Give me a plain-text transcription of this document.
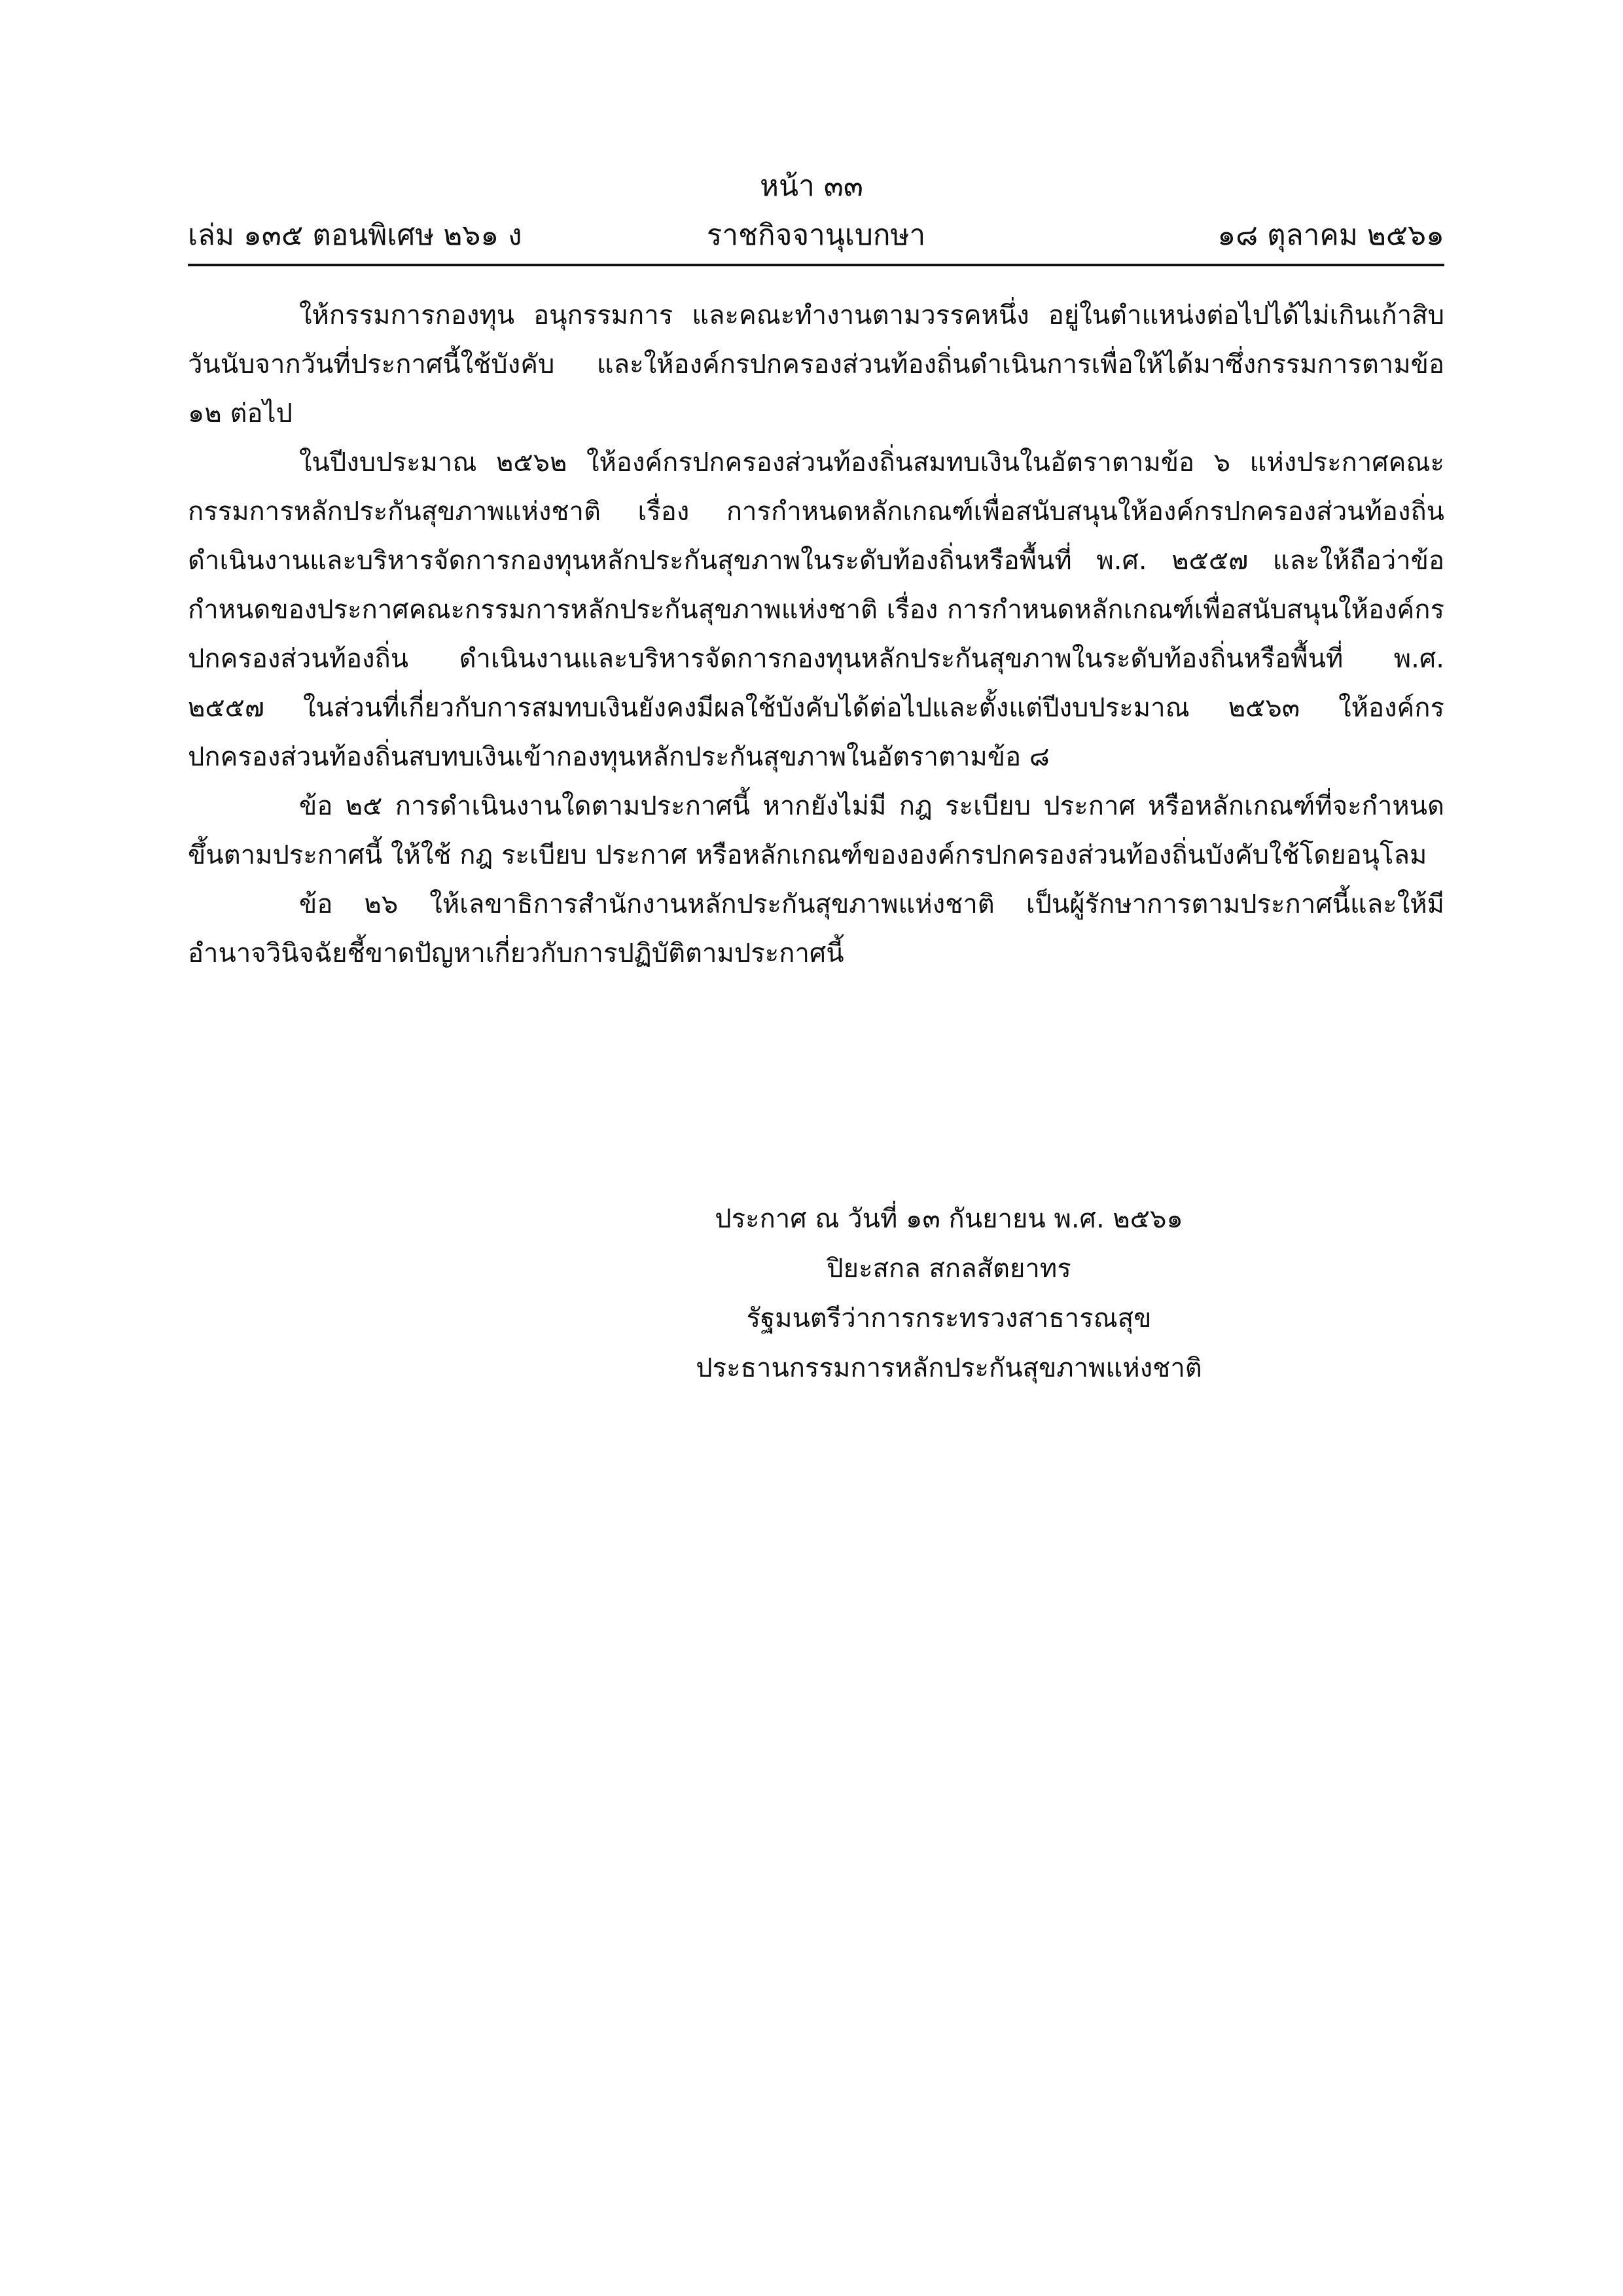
หน้า ๓๓
ราชกิจจานุเบกษา
เล่ม ๑๓๕ ตอนพิเศษ ๒๖๑ ง	๑๘ ตุลาคม ๒๕๖๑

ให้กรรมการกองทุน อนุกรรมการ และคณะทำงานตามวรรคหนึ่ง อยู่ในตำแหน่งต่อไปได้ไม่เกินเก้าสิบวันนับจากวันที่ประกาศนี้ใช้บังคับ และให้องค์กรปกครองส่วนท้องถิ่นดำเนินการเพื่อให้ได้มาซึ่งกรรมการตามข้อ ๑๒ ต่อไป

ในปีงบประมาณ ๒๕๖๒ ให้องค์กรปกครองส่วนท้องถิ่นสมทบเงินในอัตราตามข้อ ๖ แห่งประกาศคณะกรรมการหลักประกันสุขภาพแห่งชาติ เรื่อง การกำหนดหลักเกณฑ์เพื่อสนับสนุนให้องค์กรปกครองส่วนท้องถิ่น ดำเนินงานและบริหารจัดการกองทุนหลักประกันสุขภาพในระดับท้องถิ่นหรือพื้นที่ พ.ศ. ๒๕๕๗ และให้ถือว่าข้อกำหนดของประกาศคณะกรรมการหลักประกันสุขภาพแห่งชาติ เรื่อง การกำหนดหลักเกณฑ์เพื่อสนับสนุนให้องค์กรปกครองส่วนท้องถิ่น ดำเนินงานและบริหารจัดการกองทุนหลักประกันสุขภาพในระดับท้องถิ่นหรือพื้นที่ พ.ศ. ๒๕๕๗ ในส่วนที่เกี่ยวกับการสมทบเงินยังคงมีผลใช้บังคับได้ต่อไปและตั้งแต่ปีงบประมาณ ๒๕๖๓ ให้องค์กรปกครองส่วนท้องถิ่นสบทบเงินเข้ากองทุนหลักประกันสุขภาพในอัตราตามข้อ ๘

ข้อ ๒๕ การดำเนินงานใดตามประกาศนี้ หากยังไม่มี กฎ ระเบียบ ประกาศ หรือหลักเกณฑ์ที่จะกำหนดขึ้นตามประกาศนี้ ให้ใช้ กฎ ระเบียบ ประกาศ หรือหลักเกณฑ์ขององค์กรปกครองส่วนท้องถิ่นบังคับใช้โดยอนุโลม

ข้อ ๒๖ ให้เลขาธิการสำนักงานหลักประกันสุขภาพแห่งชาติ เป็นผู้รักษาการตามประกาศนี้และให้มีอำนาจวินิจฉัยชี้ขาดปัญหาเกี่ยวกับการปฏิบัติตามประกาศนี้

ประกาศ ณ วันที่ ๑๓ กันยายน พ.ศ. ๒๕๖๑
ปิยะสกล สกลสัตยาทร
รัฐมนตรีว่าการกระทรวงสาธารณสุข
ประธานกรรมการหลักประกันสุขภาพแห่งชาติ
